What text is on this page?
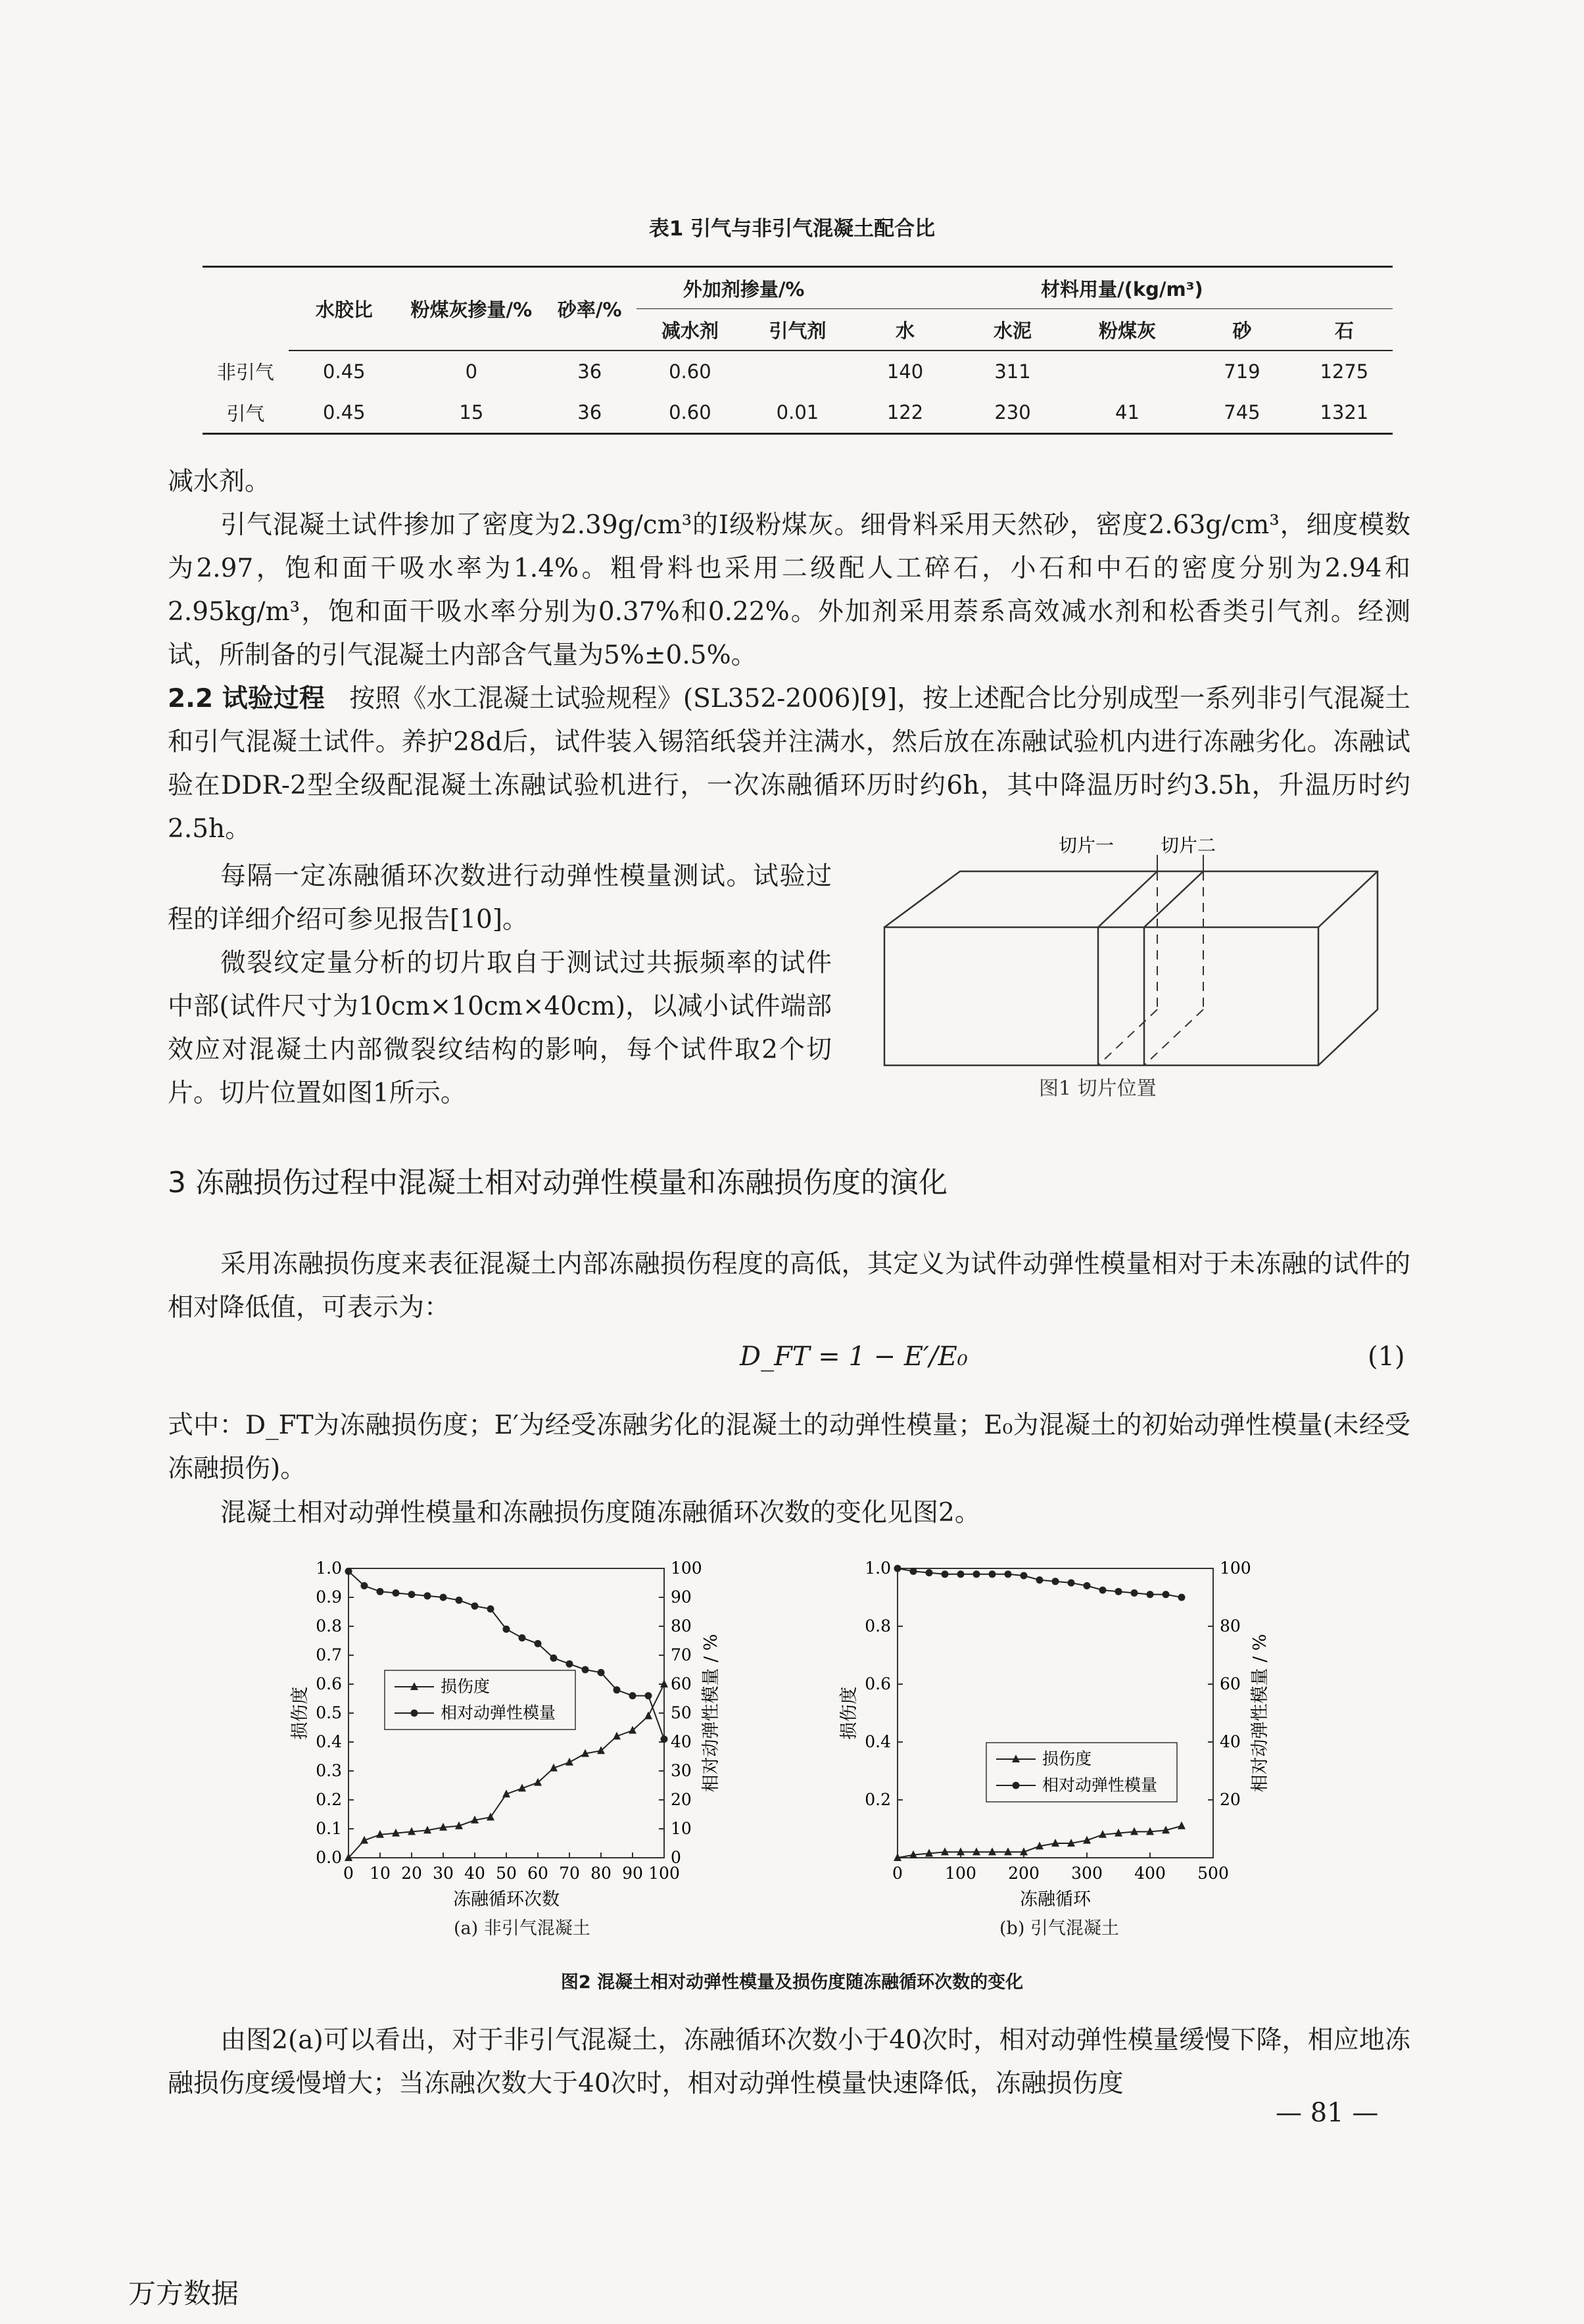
表1 引气与非引气混凝土配合比
	水胶比	粉煤灰掺量/%	砂率/%	外加剂掺量/%		材料用量/(kg/m³)				
				减水剂	引气剂	水	水泥	粉煤灰	砂	石
非引气	0.45	0	36	0.60		140	311		719	1275
引气	0.45	15	36	0.60	0.01	122	230	41	745	1321
减水剂。
引气混凝土试件掺加了密度为2.39g/cm³的I级粉煤灰。细骨料采用天然砂，密度2.63g/cm³，细度模数为2.97，饱和面干吸水率为1.4%。粗骨料也采用二级配人工碎石，小石和中石的密度分别为2.94和2.95kg/m³，饱和面干吸水率分别为0.37%和0.22%。外加剂采用萘系高效减水剂和松香类引气剂。经测试，所制备的引气混凝土内部含气量为5%±0.5%。
2.2 试验过程 按照《水工混凝土试验规程》(SL352-2006)[9]，按上述配合比分别成型一系列非引气混凝土和引气混凝土试件。养护28d后，试件装入锡箔纸袋并注满水，然后放在冻融试验机内进行冻融劣化。冻融试验在DDR-2型全级配混凝土冻融试验机进行，一次冻融循环历时约6h，其中降温历时约3.5h，升温历时约2.5h。
每隔一定冻融循环次数进行动弹性模量测试。试验过程的详细介绍可参见报告[10]。
微裂纹定量分析的切片取自于测试过共振频率的试件中部(试件尺寸为10cm×10cm×40cm)，以减小试件端部效应对混凝土内部微裂纹结构的影响，每个试件取2个切片。切片位置如图1所示。
切片一	切片二
图1 切片位置
3 冻融损伤过程中混凝土相对动弹性模量和冻融损伤度的演化
采用冻融损伤度来表征混凝土内部冻融损伤程度的高低，其定义为试件动弹性模量相对于未冻融的试件的相对降低值，可表示为：
D_FT = 1 − E′/E₀	(1)
式中：D_FT为冻融损伤度；E′为经受冻融劣化的混凝土的动弹性模量；E₀为混凝土的初始动弹性模量(未经受冻融损伤)。
混凝土相对动弹性模量和冻融损伤度随冻融循环次数的变化见图2。
0 10 20 30 40 50 60 70 80 90 100
0.0
0.1
0.2
0.3
0.4
0.5
0.6
0.7
0.8
0.9
1.0
0
10
20
30
40
50
60
70
80
90
100
冻融循环次数
损伤度	相对动弹性模量 / %
损伤度
相对动弹性模量
0	100 200 300 400 500
0.2
0.4
0.6
0.8
1.0
20
40
60
80
100
冻融循环
损伤度	相对动弹性模量 / %
损伤度
相对动弹性模量
(a) 非引气混凝土	(b) 引气混凝土
图2 混凝土相对动弹性模量及损伤度随冻融循环次数的变化
由图2(a)可以看出，对于非引气混凝土，冻融循环次数小于40次时，相对动弹性模量缓慢下降，相应地冻融损伤度缓慢增大；当冻融次数大于40次时，相对动弹性模量快速降低，冻融损伤度
— 81 —
万方数据
